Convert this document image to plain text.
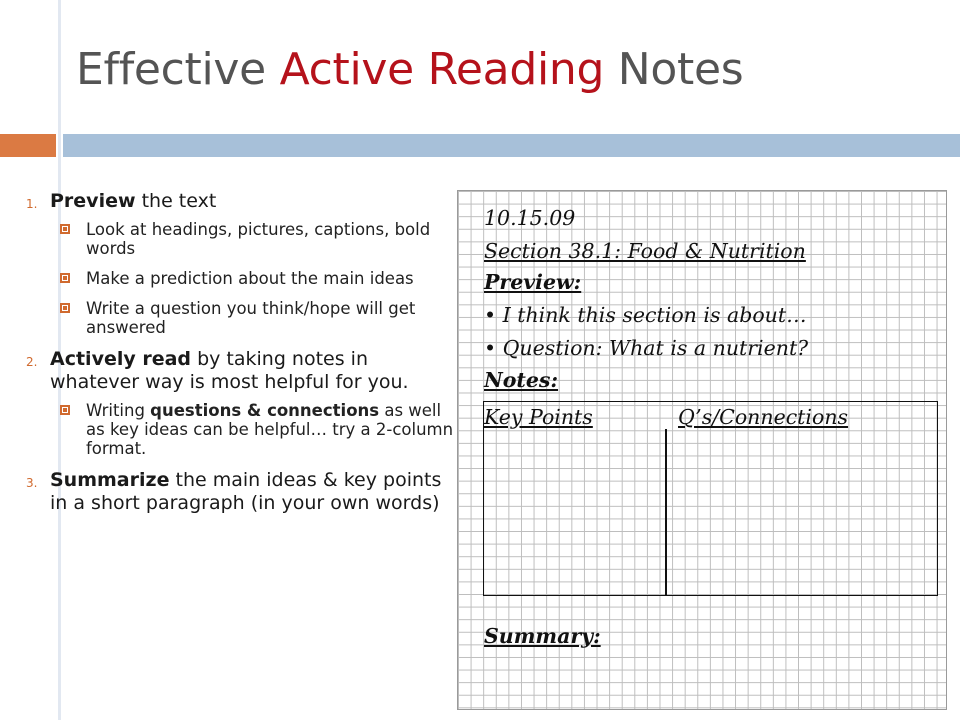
Effective Active Reading Notes
1. Preview the text
Look at headings, pictures, captions, bold words
Make a prediction about the main ideas
Write a question you think/hope will get answered
2. Actively read by taking notes in whatever way is most helpful for you.
Writing questions & connections as well as key ideas can be helpful… try a 2-column format.
3. Summarize the main ideas & key points in a short paragraph (in your own words)
10.15.09
Section 38.1: Food & Nutrition
Preview:
• I think this section is about…
• Question: What is a nutrient?
Notes:
Key Points	Q’s/Connections
Summary:
